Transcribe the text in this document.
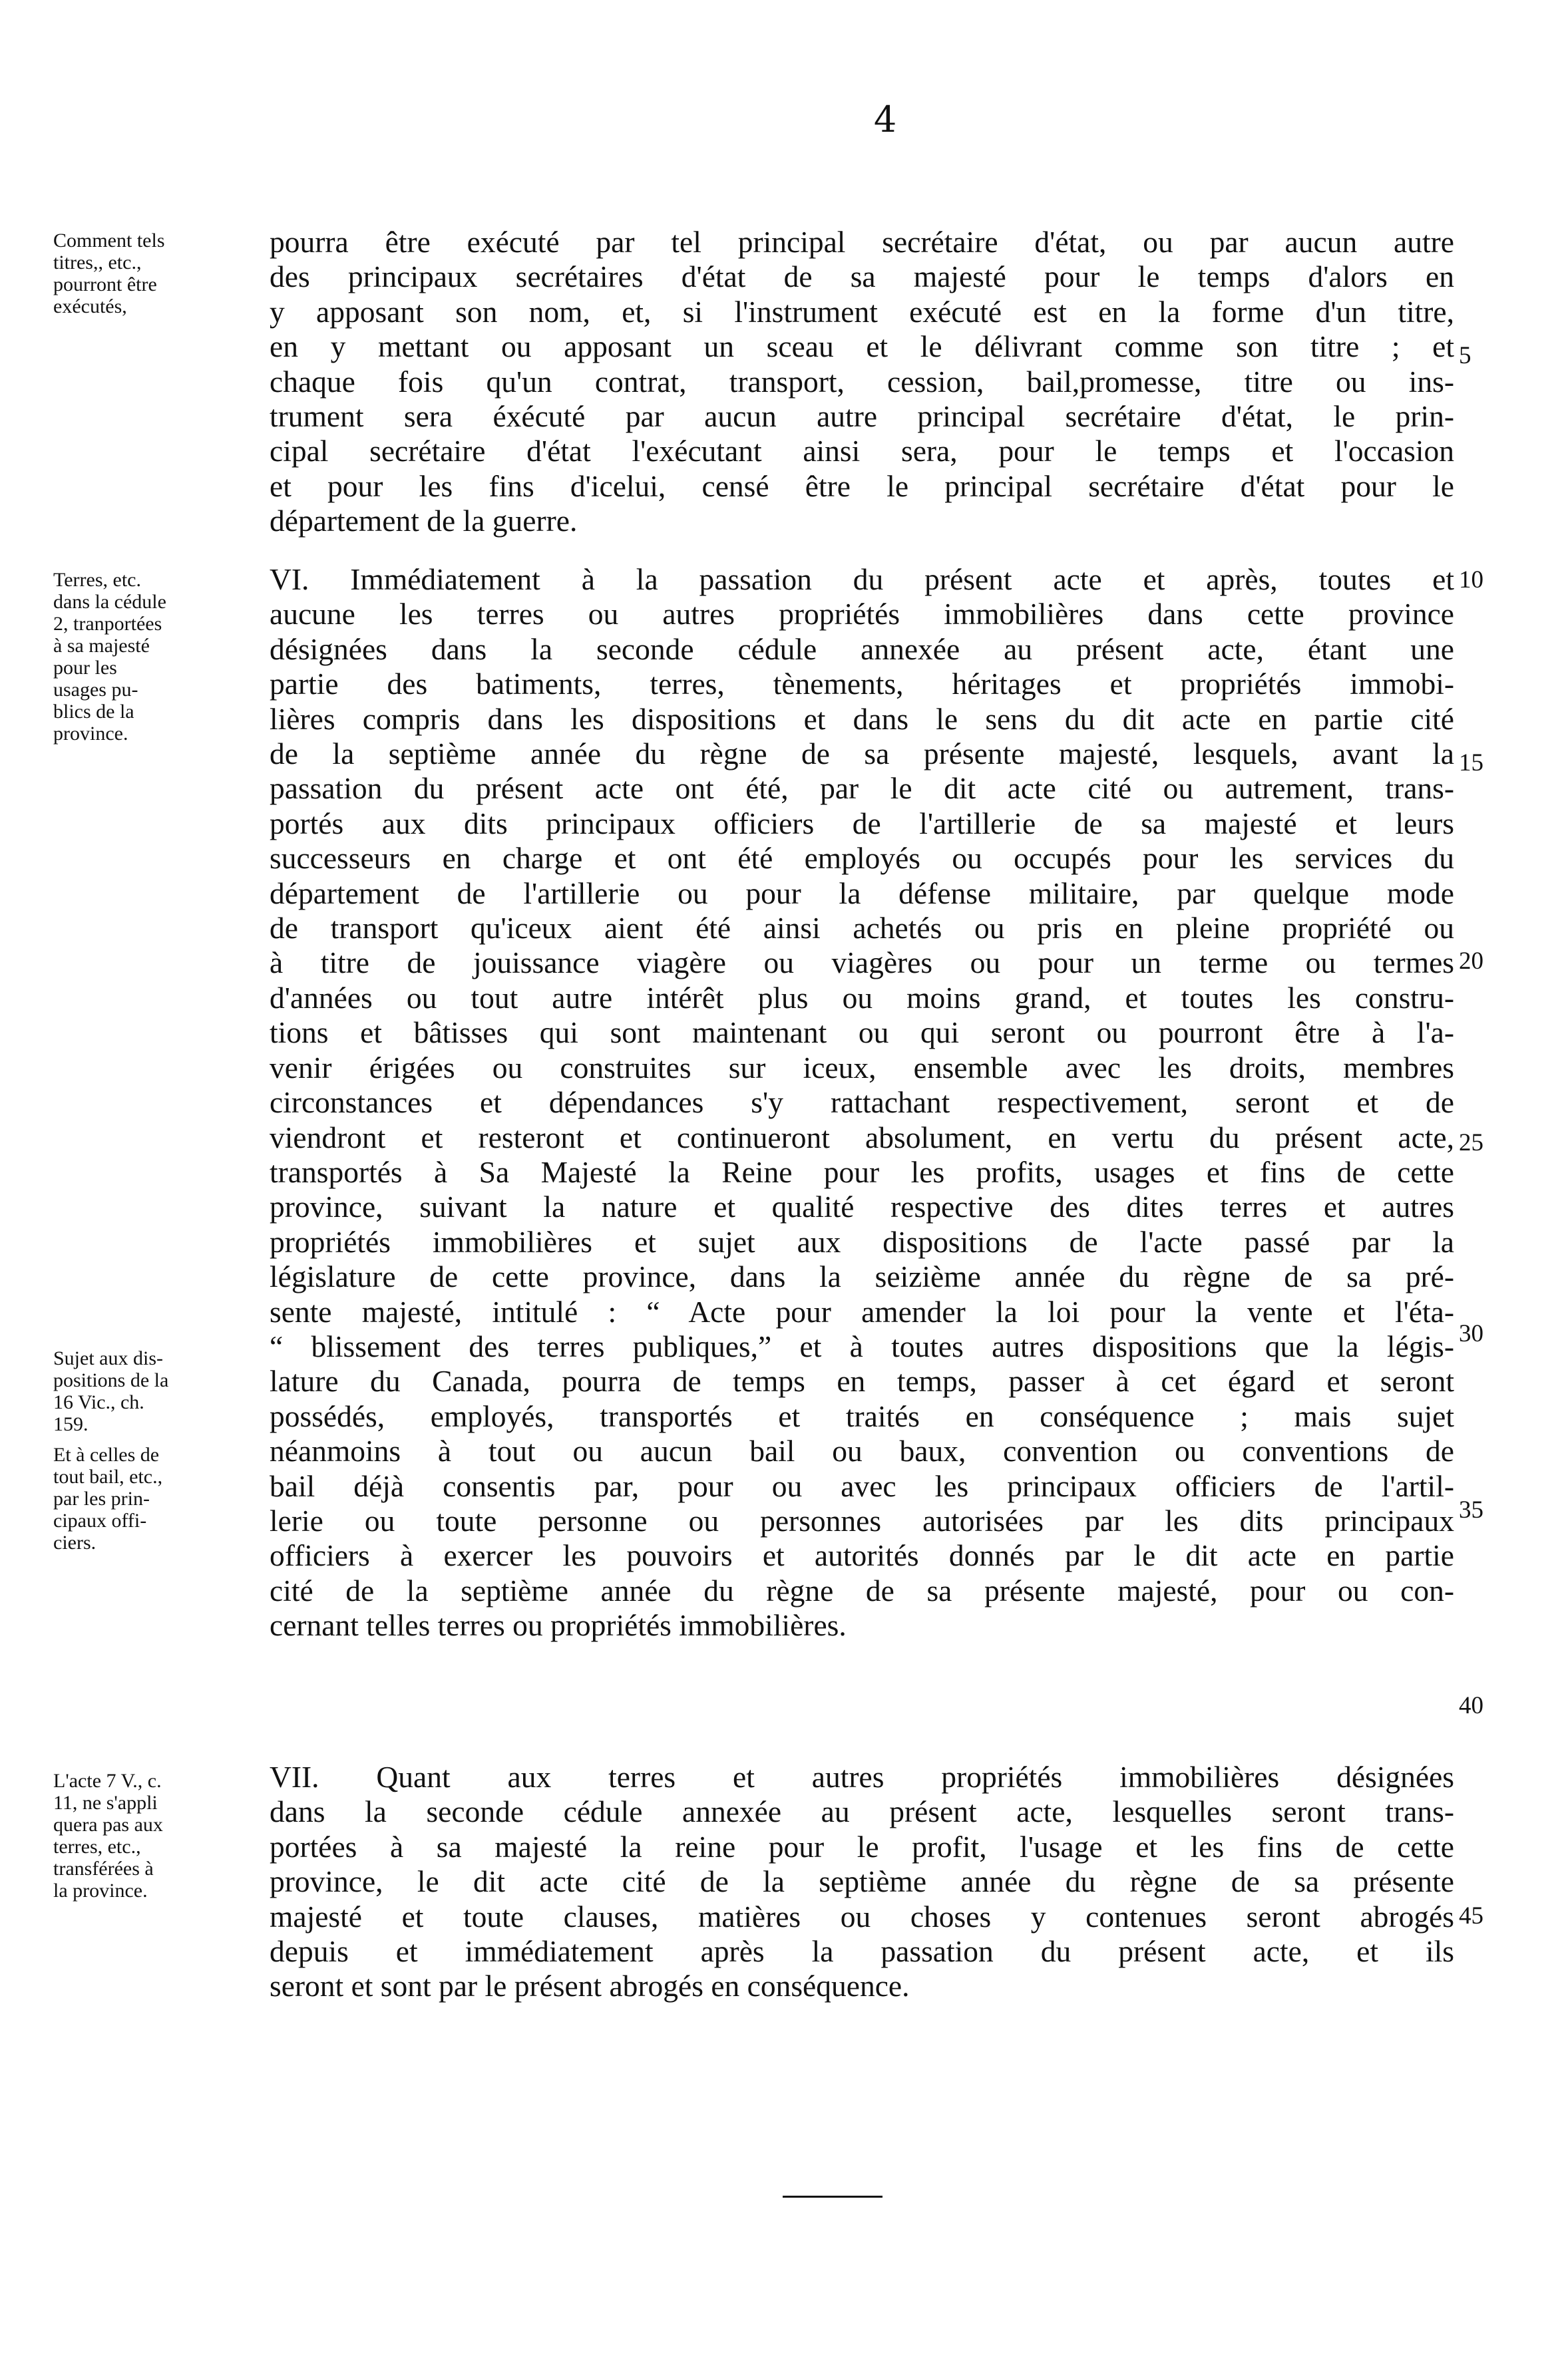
4
pourra être exécuté par tel principal secrétaire d'état, ou par aucun autre
des principaux secrétaires d'état de sa majesté pour le temps d'alors en
y apposant son nom, et, si l'instrument exécuté est en la forme d'un titre,
en y mettant ou apposant un sceau et le délivrant comme son titre ; et
chaque fois qu'un contrat, transport, cession, bail,promesse, titre ou ins-
trument sera éxécuté par aucun autre principal secrétaire d'état, le prin-
cipal secrétaire d'état l'exécutant ainsi sera, pour le temps et l'occasion
et pour les fins d'icelui, censé être le principal secrétaire d'état pour le
département de la guerre.
VI. Immédiatement à la passation du présent acte et après, toutes et
aucune les terres ou autres propriétés immobilières dans cette province
désignées dans la seconde cédule annexée au présent acte, étant une
partie des batiments, terres, tènements, héritages et propriétés immobi-
lières compris dans les dispositions et dans le sens du dit acte en partie cité
de la septième année du règne de sa présente majesté, lesquels, avant la
passation du présent acte ont été, par le dit acte cité ou autrement, trans-
portés aux dits principaux officiers de l'artillerie de sa majesté et leurs
successeurs en charge et ont été employés ou occupés pour les services du
département de l'artillerie ou pour la défense militaire, par quelque mode
de transport qu'iceux aient été ainsi achetés ou pris en pleine propriété ou
à titre de jouissance viagère ou viagères ou pour un terme ou termes
d'années ou tout autre intérêt plus ou moins grand, et toutes les constru-
tions et bâtisses qui sont maintenant ou qui seront ou pourront être à l'a-
venir érigées ou construites sur iceux, ensemble avec les droits, membres
circonstances et dépendances s'y rattachant respectivement, seront et de
viendront et resteront et continueront absolument, en vertu du présent acte,
transportés à Sa Majesté la Reine pour les profits, usages et fins de cette
province, suivant la nature et qualité respective des dites terres et autres
propriétés immobilières et sujet aux dispositions de l'acte passé par la
législature de cette province, dans la seizième année du règne de sa pré-
sente majesté, intitulé : “ Acte pour amender la loi pour la vente et l'éta-
“ blissement des terres publiques,” et à toutes autres dispositions que la légis-
lature du Canada, pourra de temps en temps, passer à cet égard et seront
possédés, employés, transportés et traités en conséquence ; mais sujet
néanmoins à tout ou aucun bail ou baux, convention ou conventions de
bail déjà consentis par, pour ou avec les principaux officiers de l'artil-
lerie ou toute personne ou personnes autorisées par les dits principaux
officiers à exercer les pouvoirs et autorités donnés par le dit acte en partie
cité de la septième année du règne de sa présente majesté, pour ou con-
cernant telles terres ou propriétés immobilières.
VII. Quant aux terres et autres propriétés immobilières désignées
dans la seconde cédule annexée au présent acte, lesquelles seront trans-
portées à sa majesté la reine pour le profit, l'usage et les fins de cette
province, le dit acte cité de la septième année du règne de sa présente
majesté et toute clauses, matières ou choses y contenues seront abrogés
depuis et immédiatement après la passation du présent acte, et ils
seront et sont par le présent abrogés en conséquence.
Comment tels
titres,, etc.,
pourront être
exécutés,
Terres, etc.
dans la cédule
2, tranportées
à sa majesté
pour les
usages pu-
blics de la
province.
Sujet aux dis-
positions de la
16 Vic., ch.
159.
Et à celles de
tout bail, etc.,
par les prin-
cipaux offi-
ciers.
L'acte 7 V., c.
11, ne s'appli
quera pas aux
terres, etc.,
transférées à
la province.
5
10
15
20
25
30
35
40
45
